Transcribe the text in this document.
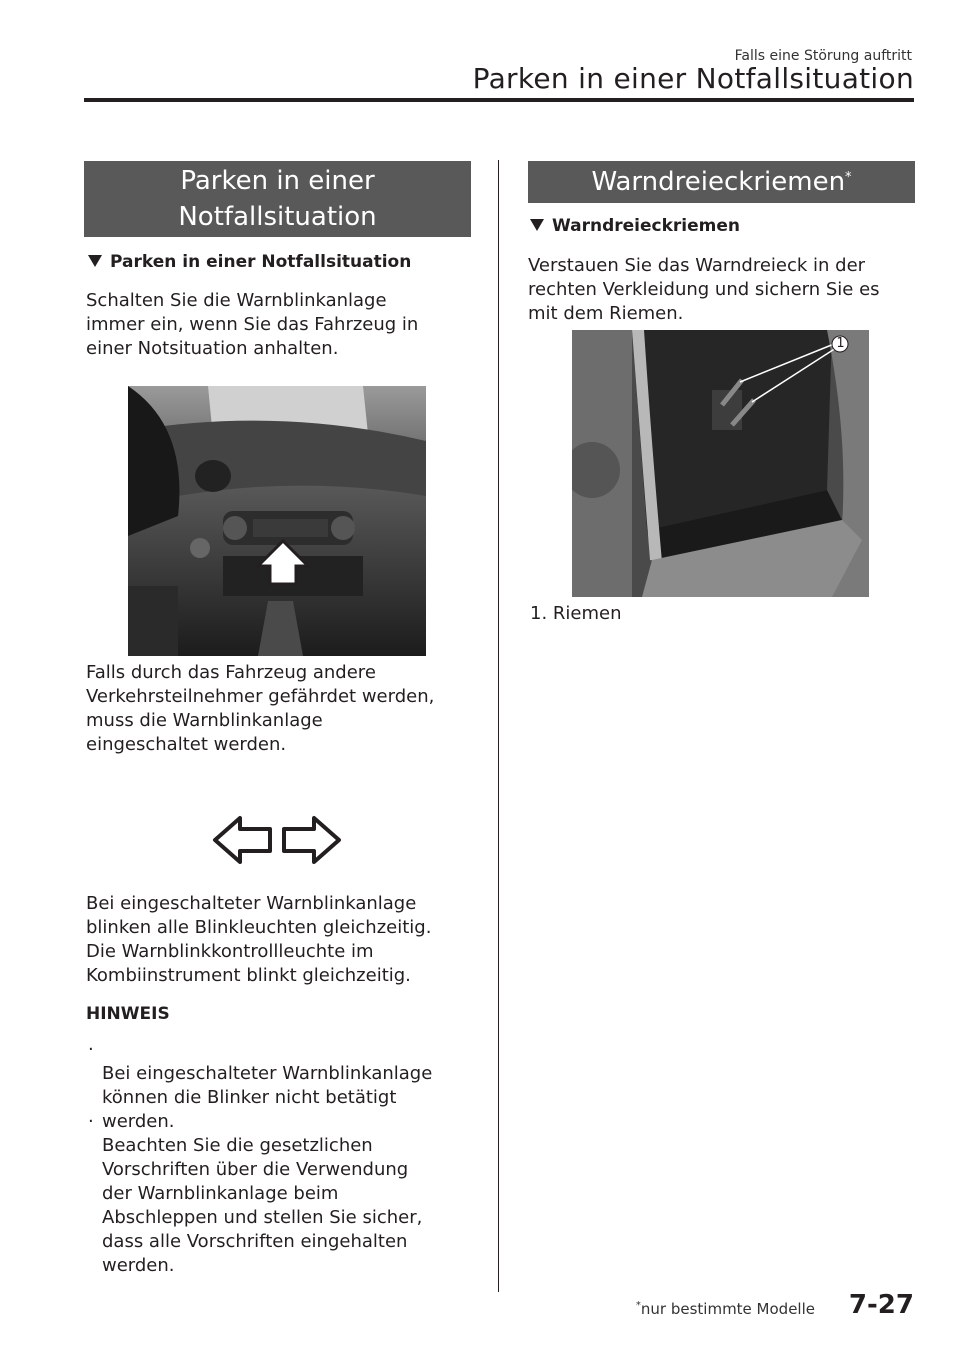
Falls eine Störung auftritt
Parken in einer Notfallsituation
Parken in einer
Notfallsituation
Parken in einer Notfallsituation
Schalten Sie die Warnblinkanlage
immer ein, wenn Sie das Fahrzeug in
einer Notsituation anhalten.
Falls durch das Fahrzeug andere
Verkehrsteilnehmer gefährdet werden,
muss die Warnblinkanlage
eingeschaltet werden.
Bei eingeschalteter Warnblinkanlage
blinken alle Blinkleuchten gleichzeitig.
Die Warnblinkkontrollleuchte im
Kombiinstrument blinkt gleichzeitig.
HINWEIS

·
Bei eingeschalteter Warnblinkanlage
können die Blinker nicht betätigt
werden.

·
Beachten Sie die gesetzlichen
Vorschriften über die Verwendung
der Warnblinkanlage beim
Abschleppen und stellen Sie sicher,
dass alle Vorschriften eingehalten
werden.

Warndreieckriemen*
Warndreieckriemen
Verstauen Sie das Warndreieck in der
rechten Verkleidung und sichern Sie es
mit dem Riemen.
1
1. Riemen
*nur bestimmte Modelle 7-27
